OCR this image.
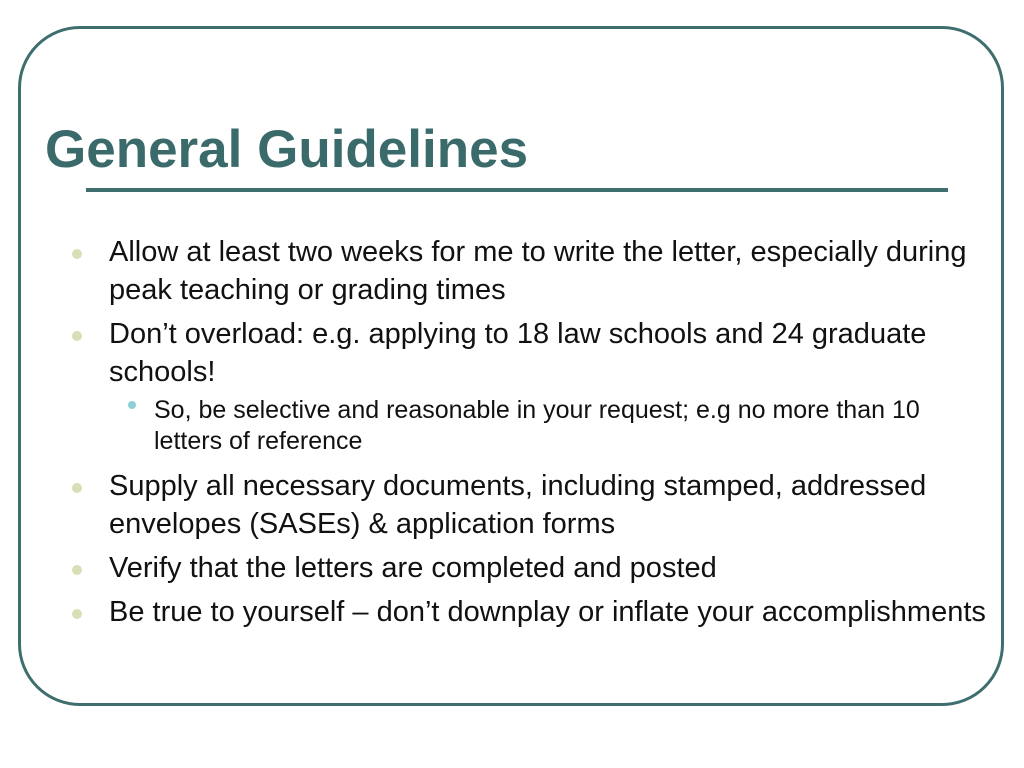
General Guidelines
Allow at least two weeks for me to write the letter, especially during peak teaching or grading times
Don’t overload: e.g. applying to 18 law schools and 24 graduate schools!
So, be selective and reasonable in your request; e.g no more than 10 letters of reference
Supply all necessary documents, including stamped, addressed envelopes (SASEs) & application forms
Verify that the letters are completed and posted
Be true to yourself – don’t downplay or inflate your accomplishments
